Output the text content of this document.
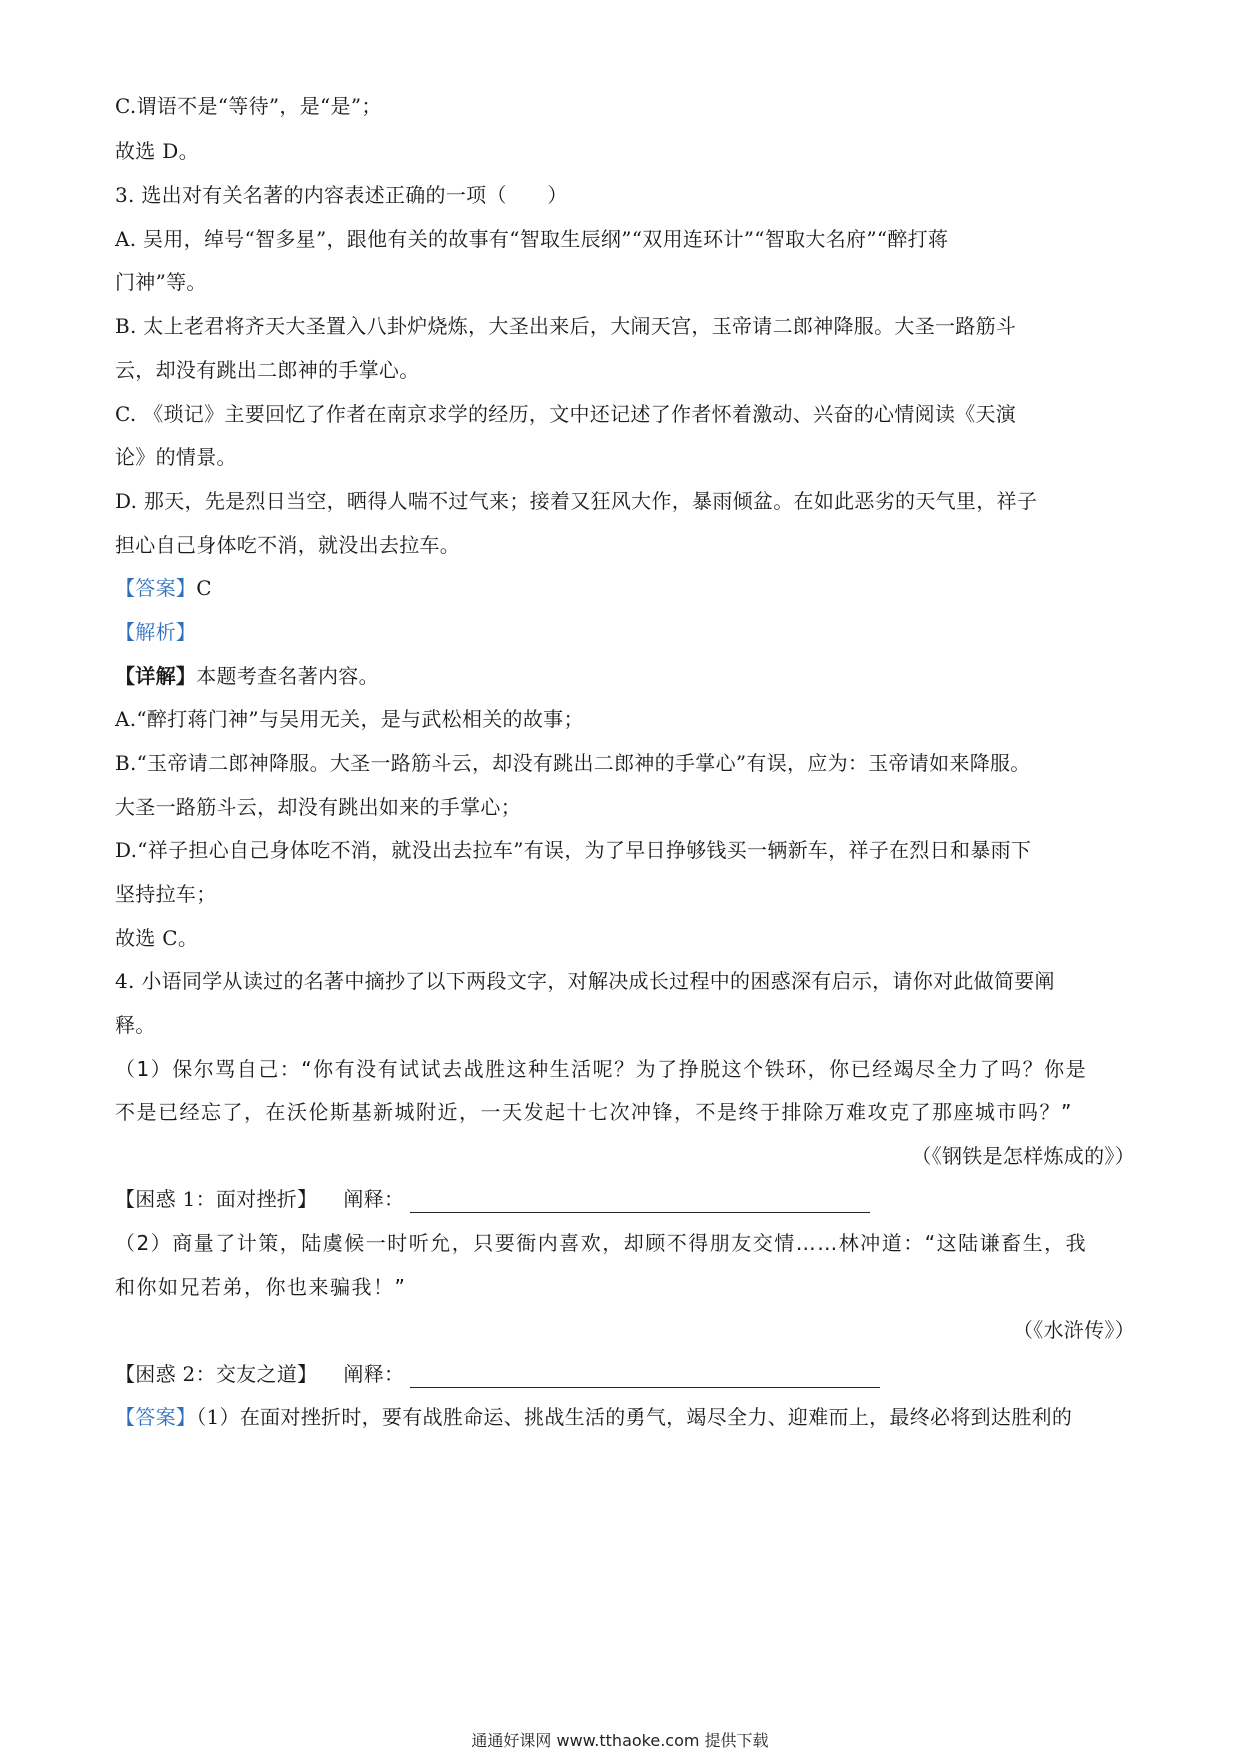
C.谓语不是“等待”，是“是”；
故选 D。
3. 选出对有关名著的内容表述正确的一项（　　）
A. 吴用，绰号“智多星”，跟他有关的故事有“智取生辰纲”“双用连环计”“智取大名府”“醉打蒋
门神”等。
B. 太上老君将齐天大圣置入八卦炉烧炼，大圣出来后，大闹天宫，玉帝请二郎神降服。大圣一路筋斗
云，却没有跳出二郎神的手掌心。
C. 《琐记》主要回忆了作者在南京求学的经历，文中还记述了作者怀着激动、兴奋的心情阅读《天演
论》的情景。
D. 那天，先是烈日当空，晒得人喘不过气来；接着又狂风大作，暴雨倾盆。在如此恶劣的天气里，祥子
担心自己身体吃不消，就没出去拉车。
【答案】C
【解析】
【详解】本题考查名著内容。
A.“醉打蒋门神”与吴用无关，是与武松相关的故事；
B.“玉帝请二郎神降服。大圣一路筋斗云，却没有跳出二郎神的手掌心”有误，应为：玉帝请如来降服。
大圣一路筋斗云，却没有跳出如来的手掌心；
D.“祥子担心自己身体吃不消，就没出去拉车”有误，为了早日挣够钱买一辆新车，祥子在烈日和暴雨下
坚持拉车；
故选 C。
4. 小语同学从读过的名著中摘抄了以下两段文字，对解决成长过程中的困惑深有启示，请你对此做简要阐
释。
（1）保尔骂自己：“你有没有试试去战胜这种生活呢？为了挣脱这个铁环，你已经竭尽全力了吗？你是
不是已经忘了，在沃伦斯基新城附近，一天发起十七次冲锋，不是终于排除万难攻克了那座城市吗？”
（《钢铁是怎样炼成的》）
【困惑 1：面对挫折】 阐释：
（2）商量了计策，陆虞候一时听允，只要衙内喜欢，却顾不得朋友交情……林冲道：“这陆谦畜生，我
和你如兄若弟，你也来骗我！”
（《水浒传》）
【困惑 2：交友之道】 阐释：
【答案】（1）在面对挫折时，要有战胜命运、挑战生活的勇气，竭尽全力、迎难而上，最终必将到达胜利的
通通好课网 www.tthaoke.com 提供下载
